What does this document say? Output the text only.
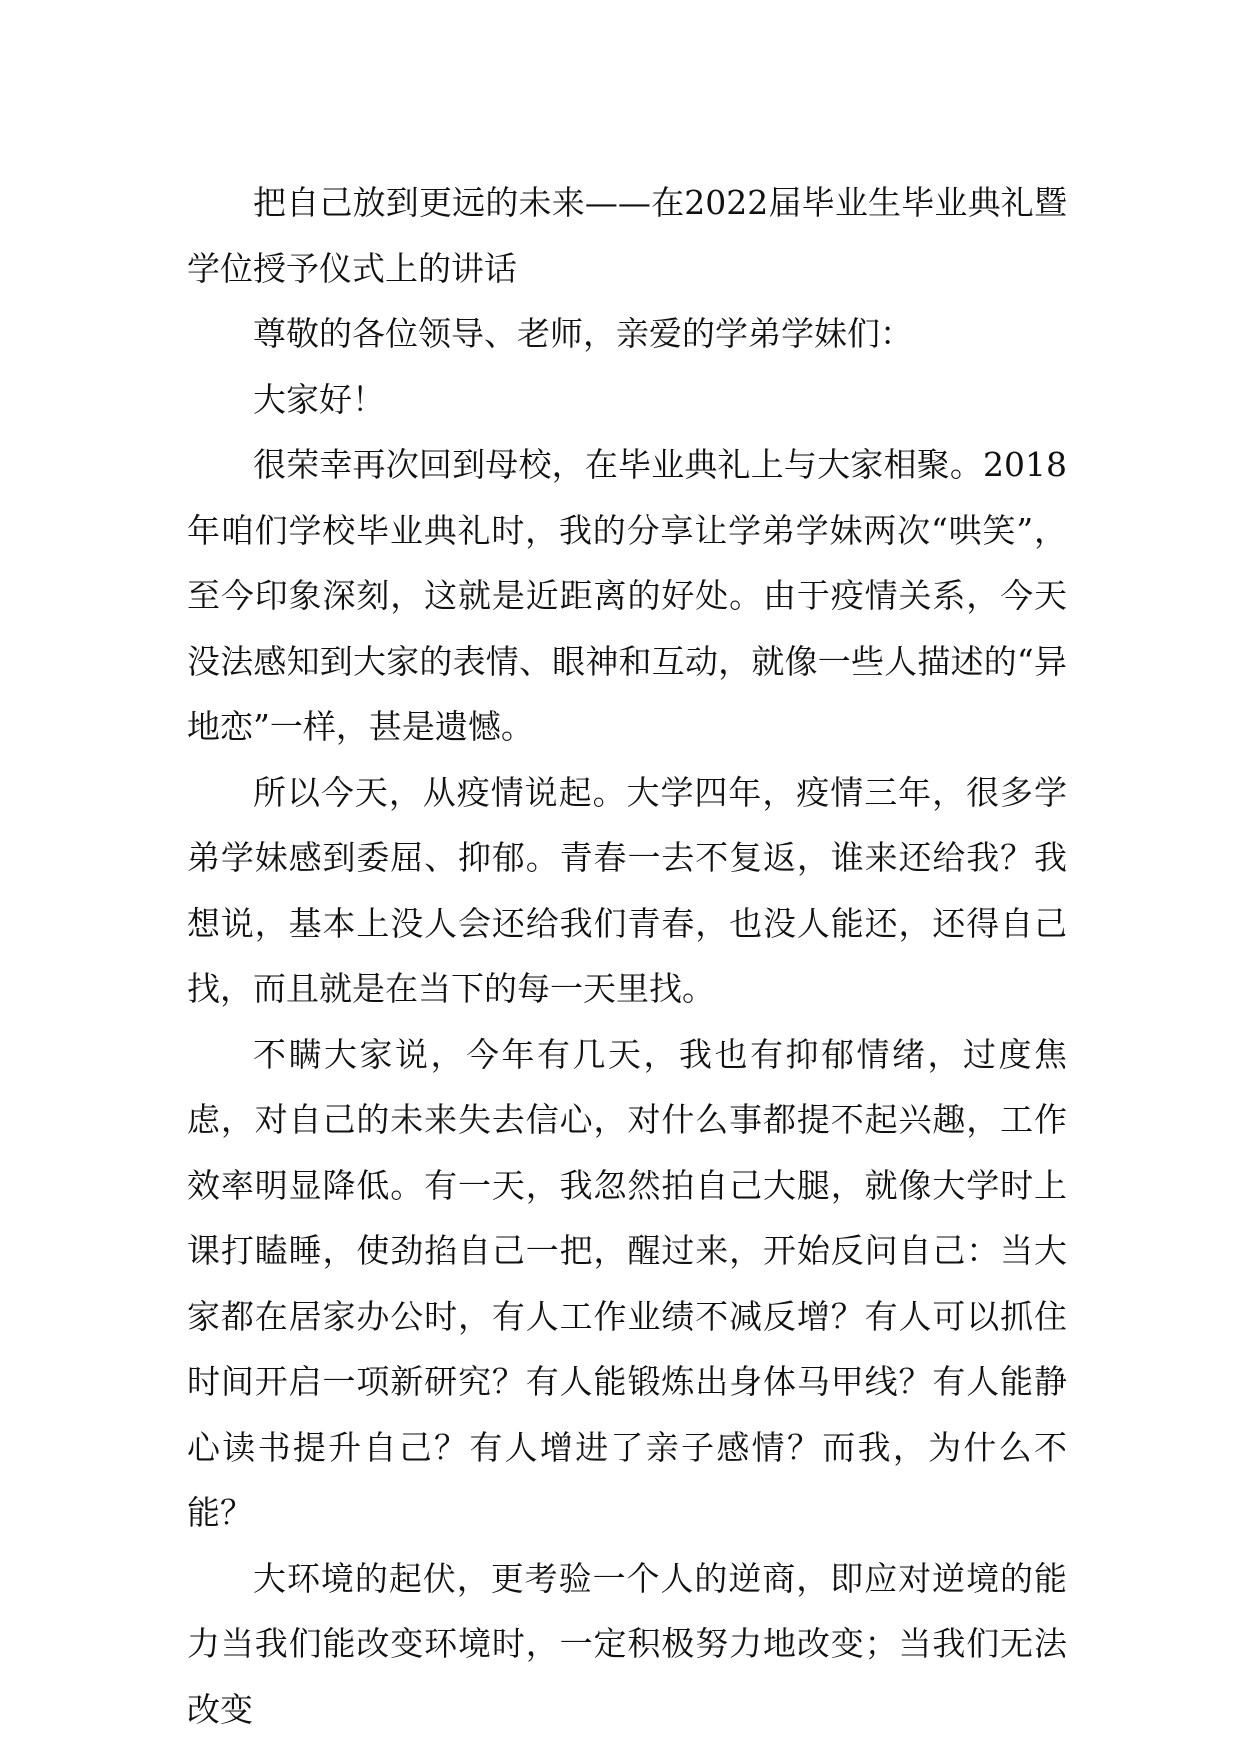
把自己放到更远的未来——在2022届毕业生毕业典礼暨学位授予仪式上的讲话

尊敬的各位领导、老师，亲爱的学弟学妹们：

大家好！

很荣幸再次回到母校，在毕业典礼上与大家相聚。2018年咱们学校毕业典礼时，我的分享让学弟学妹两次“哄笑”，至今印象深刻，这就是近距离的好处。由于疫情关系，今天没法感知到大家的表情、眼神和互动，就像一些人描述的“异地恋”一样，甚是遗憾。

所以今天，从疫情说起。大学四年，疫情三年，很多学弟学妹感到委屈、抑郁。青春一去不复返，谁来还给我？我想说，基本上没人会还给我们青春，也没人能还，还得自己找，而且就是在当下的每一天里找。

不瞒大家说，今年有几天，我也有抑郁情绪，过度焦虑，对自己的未来失去信心，对什么事都提不起兴趣，工作效率明显降低。有一天，我忽然拍自己大腿，就像大学时上课打瞌睡，使劲掐自己一把，醒过来，开始反问自己：当大家都在居家办公时，有人工作业绩不减反增？有人可以抓住时间开启一项新研究？有人能锻炼出身体马甲线？有人能静心读书提升自己？有人增进了亲子感情？而我，为什么不能？

大环境的起伏，更考验一个人的逆商，即应对逆境的能力当我们能改变环境时，一定积极努力地改变；当我们无法改变
